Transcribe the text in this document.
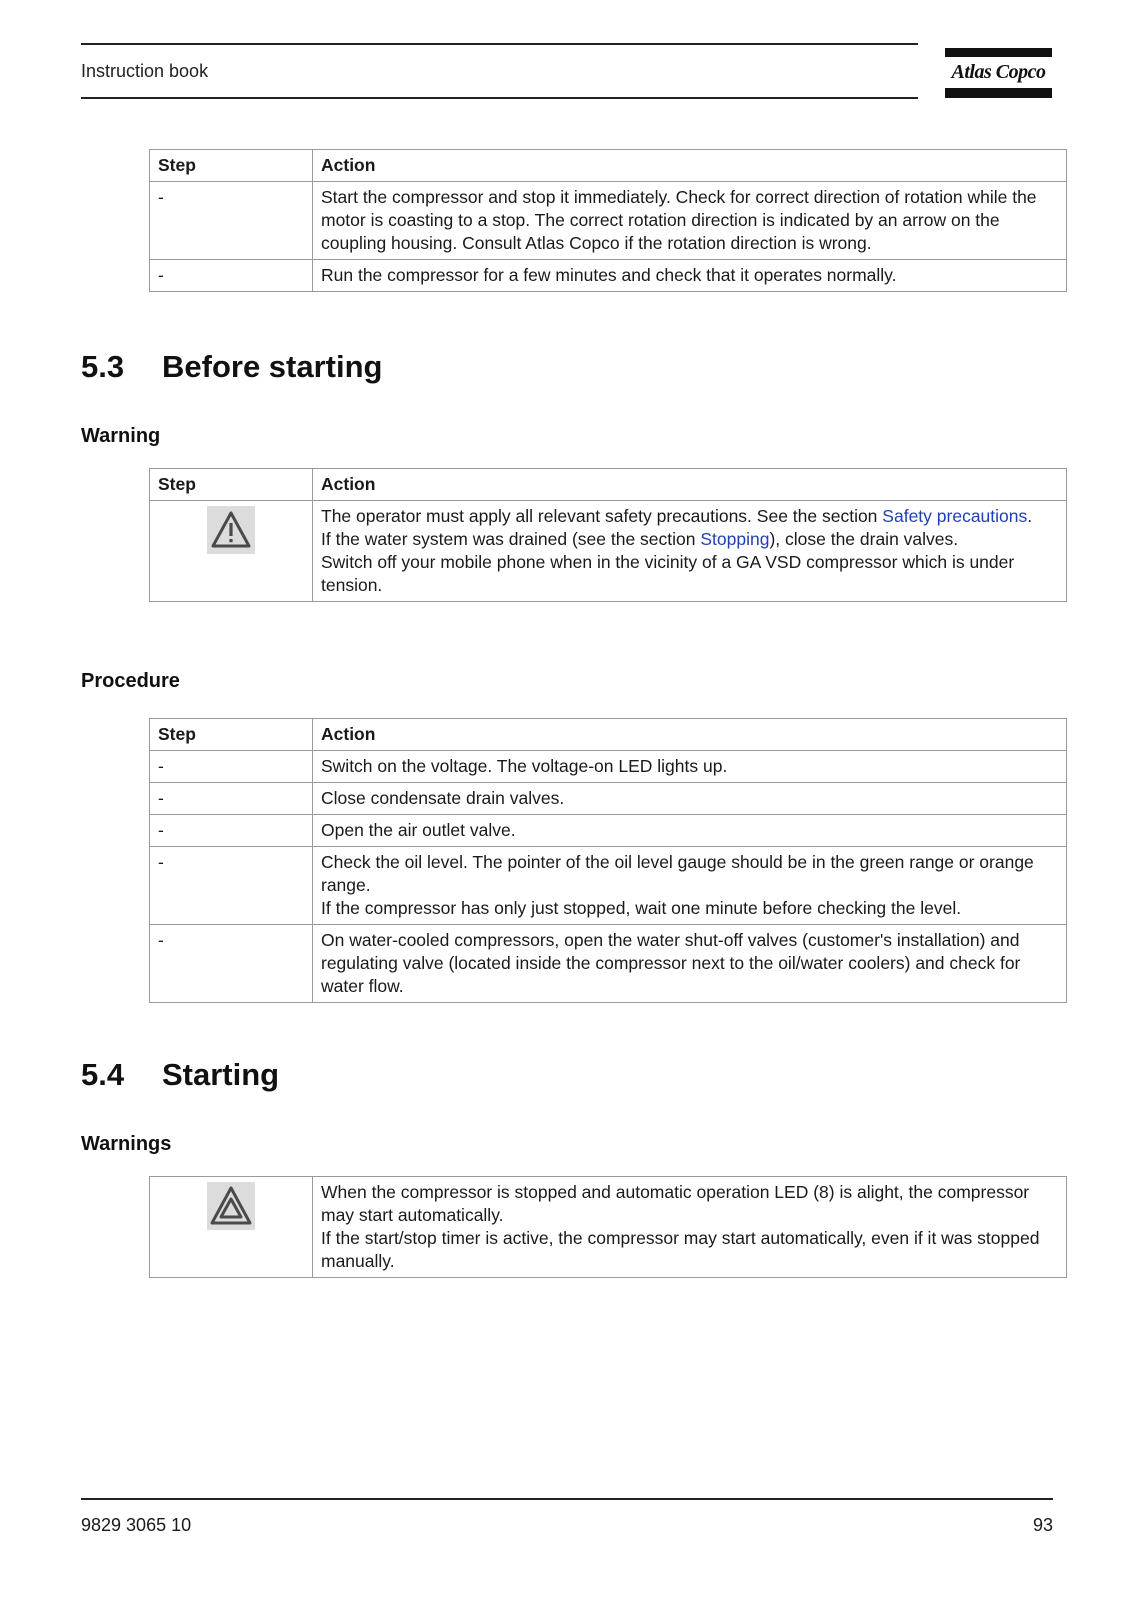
Instruction book	Atlas Copco
Step	Action
-	Start the compressor and stop it immediately. Check for correct direction of rotation while the motor is coasting to a stop. The correct rotation direction is indicated by an arrow on the coupling housing. Consult Atlas Copco if the rotation direction is wrong.
-	Run the compressor for a few minutes and check that it operates normally.
5.3 Before starting
Warning
Step	Action

The operator must apply all relevant safety precautions. See the section Safety precautions.
If the water system was drained (see the section Stopping), close the drain valves.
Switch off your mobile phone when in the vicinity of a GA VSD compressor which is under tension.
Procedure
Step	Action
-	Switch on the voltage. The voltage-on LED lights up.
-	Close condensate drain valves.
-	Open the air outlet valve.
-	Check the oil level. The pointer of the oil level gauge should be in the green range or orange range.
If the compressor has only just stopped, wait one minute before checking the level.

-	On water-cooled compressors, open the water shut-off valves (customer's installation) and regulating valve (located inside the compressor next to the oil/water coolers) and check for water flow.
5.4 Starting
Warnings

When the compressor is stopped and automatic operation LED (8) is alight, the compressor may start automatically.
If the start/stop timer is active, the compressor may start automatically, even if it was stopped manually.
9829 3065 10	93
